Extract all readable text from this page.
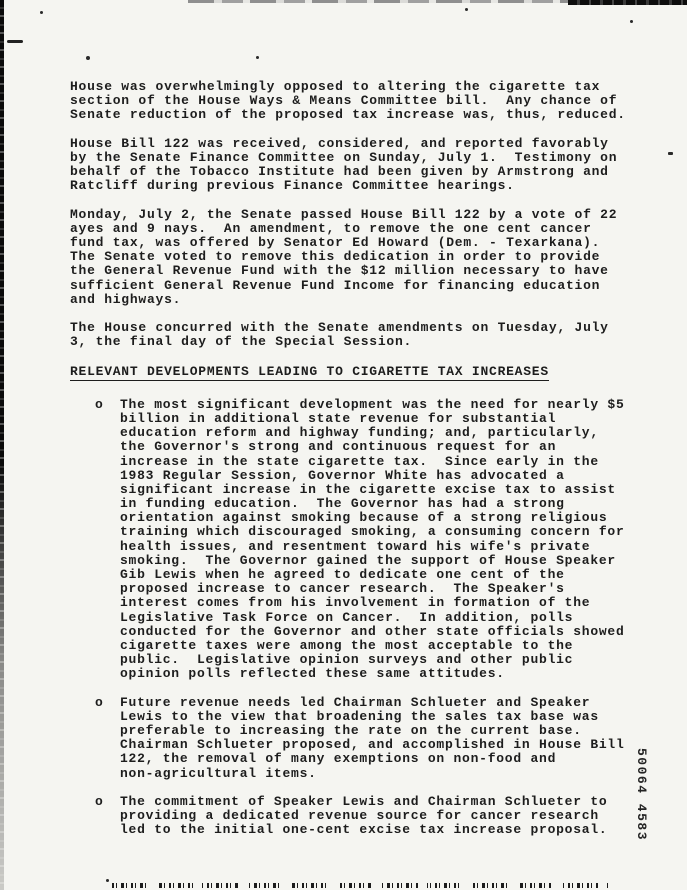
House was overwhelmingly opposed to altering the cigarette tax
section of the House Ways & Means Committee bill.  Any chance of
Senate reduction of the proposed tax increase was, thus, reduced.
House Bill 122 was received, considered, and reported favorably
by the Senate Finance Committee on Sunday, July 1.  Testimony on
behalf of the Tobacco Institute had been given by Armstrong and
Ratcliff during previous Finance Committee hearings.
Monday, July 2, the Senate passed House Bill 122 by a vote of 22
ayes and 9 nays.  An amendment, to remove the one cent cancer
fund tax, was offered by Senator Ed Howard (Dem. - Texarkana).
The Senate voted to remove this dedication in order to provide
the General Revenue Fund with the $12 million necessary to have
sufficient General Revenue Fund Income for financing education
and highways.
The House concurred with the Senate amendments on Tuesday, July
3, the final day of the Special Session.
RELEVANT DEVELOPMENTS LEADING TO CIGARETTE TAX INCREASES
o	The most significant development was the need for nearly $5
billion in additional state revenue for substantial
education reform and highway funding; and, particularly,
the Governor's strong and continuous request for an
increase in the state cigarette tax.  Since early in the
1983 Regular Session, Governor White has advocated a
significant increase in the cigarette excise tax to assist
in funding education.  The Governor has had a strong
orientation against smoking because of a strong religious
training which discouraged smoking, a consuming concern for
health issues, and resentment toward his wife's private
smoking.  The Governor gained the support of House Speaker
Gib Lewis when he agreed to dedicate one cent of the
proposed increase to cancer research.  The Speaker's
interest comes from his involvement in formation of the
Legislative Task Force on Cancer.  In addition, polls
conducted for the Governor and other state officials showed
cigarette taxes were among the most acceptable to the
public.  Legislative opinion surveys and other public
opinion polls reflected these same attitudes.
o	Future revenue needs led Chairman Schlueter and Speaker
Lewis to the view that broadening the sales tax base was
preferable to increasing the rate on the current base.
Chairman Schlueter proposed, and accomplished in House Bill
122, the removal of many exemptions on non-food and
non-agricultural items.
o	The commitment of Speaker Lewis and Chairman Schlueter to
providing a dedicated revenue source for cancer research
led to the initial one-cent excise tax increase proposal.	50064 4583
